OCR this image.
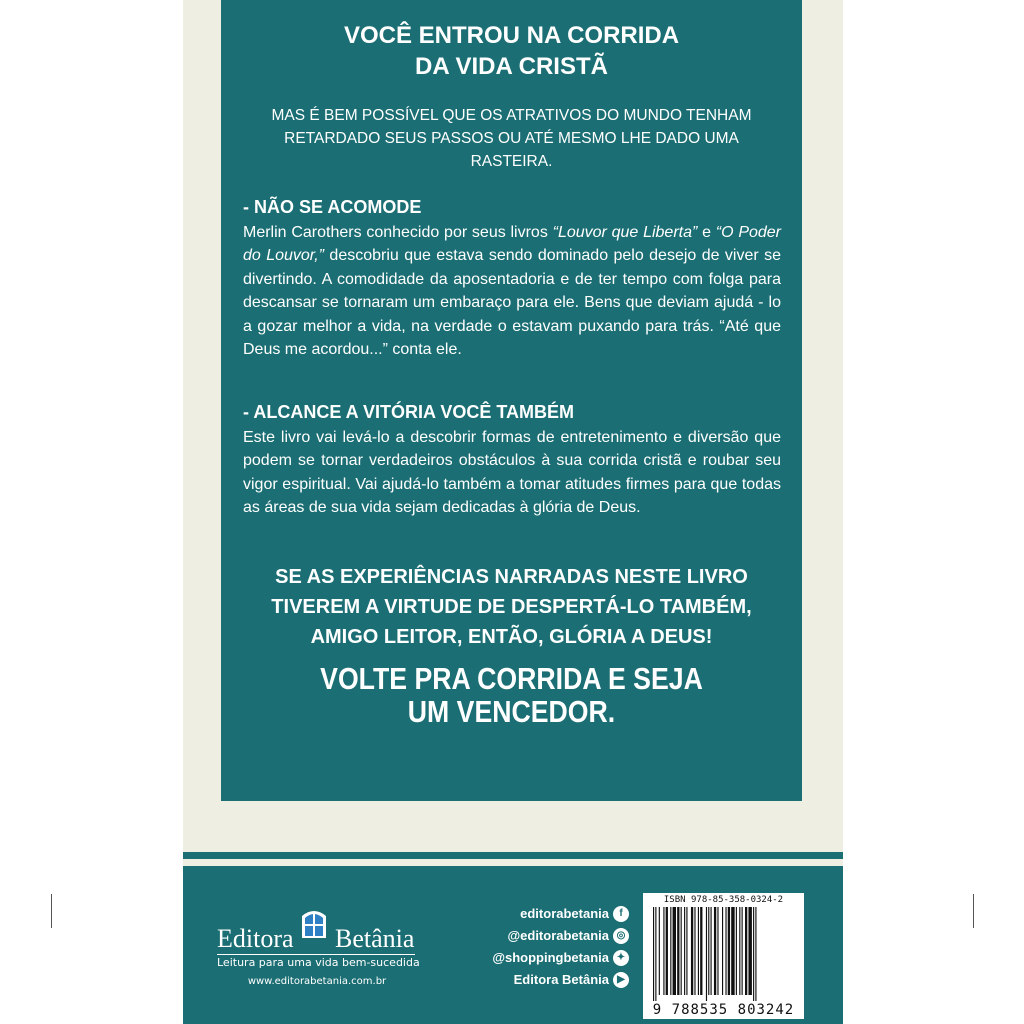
VOCÊ ENTROU NA CORRIDA
DA VIDA CRISTÃ
MAS É BEM POSSÍVEL QUE OS ATRATIVOS DO MUNDO TENHAM RETARDADO SEUS PASSOS OU ATÉ MESMO LHE DADO UMA RASTEIRA.
- NÃO SE ACOMODE
Merlin Carothers conhecido por seus livros “Louvor que Liberta” e “O Poder do Louvor,” descobriu que estava sendo dominado pelo desejo de viver se divertindo. A comodidade da aposentadoria e de ter tempo com folga para descansar se tornaram um embaraço para ele. Bens que deviam ajudá - lo a gozar melhor a vida, na verdade o estavam puxando para trás. “Até que Deus me acordou...” conta ele.
- ALCANCE A VITÓRIA VOCÊ TAMBÉM
Este livro vai levá-lo a descobrir formas de entretenimento e diversão que podem se tornar verdadeiros obstáculos à sua corrida cristã e roubar seu vigor espiritual. Vai ajudá-lo também a tomar atitudes firmes para que todas as áreas de sua vida sejam dedicadas à glória de Deus.
SE AS EXPERIÊNCIAS NARRADAS NESTE LIVRO
TIVEREM A VIRTUDE DE DESPERTÁ-LO TAMBÉM,
AMIGO LEITOR, ENTÃO, GLÓRIA A DEUS!
VOLTE PRA CORRIDA E SEJA
UM VENCEDOR.
Editora Betânia
Leitura para uma vida bem-sucedida
www.editorabetania.com.br
editorabetania	f
@editorabetania ◎
@shoppingbetania ✦
Editora Betânia ▶
ISBN 978-85-358-0324-2
9 788535 803242
